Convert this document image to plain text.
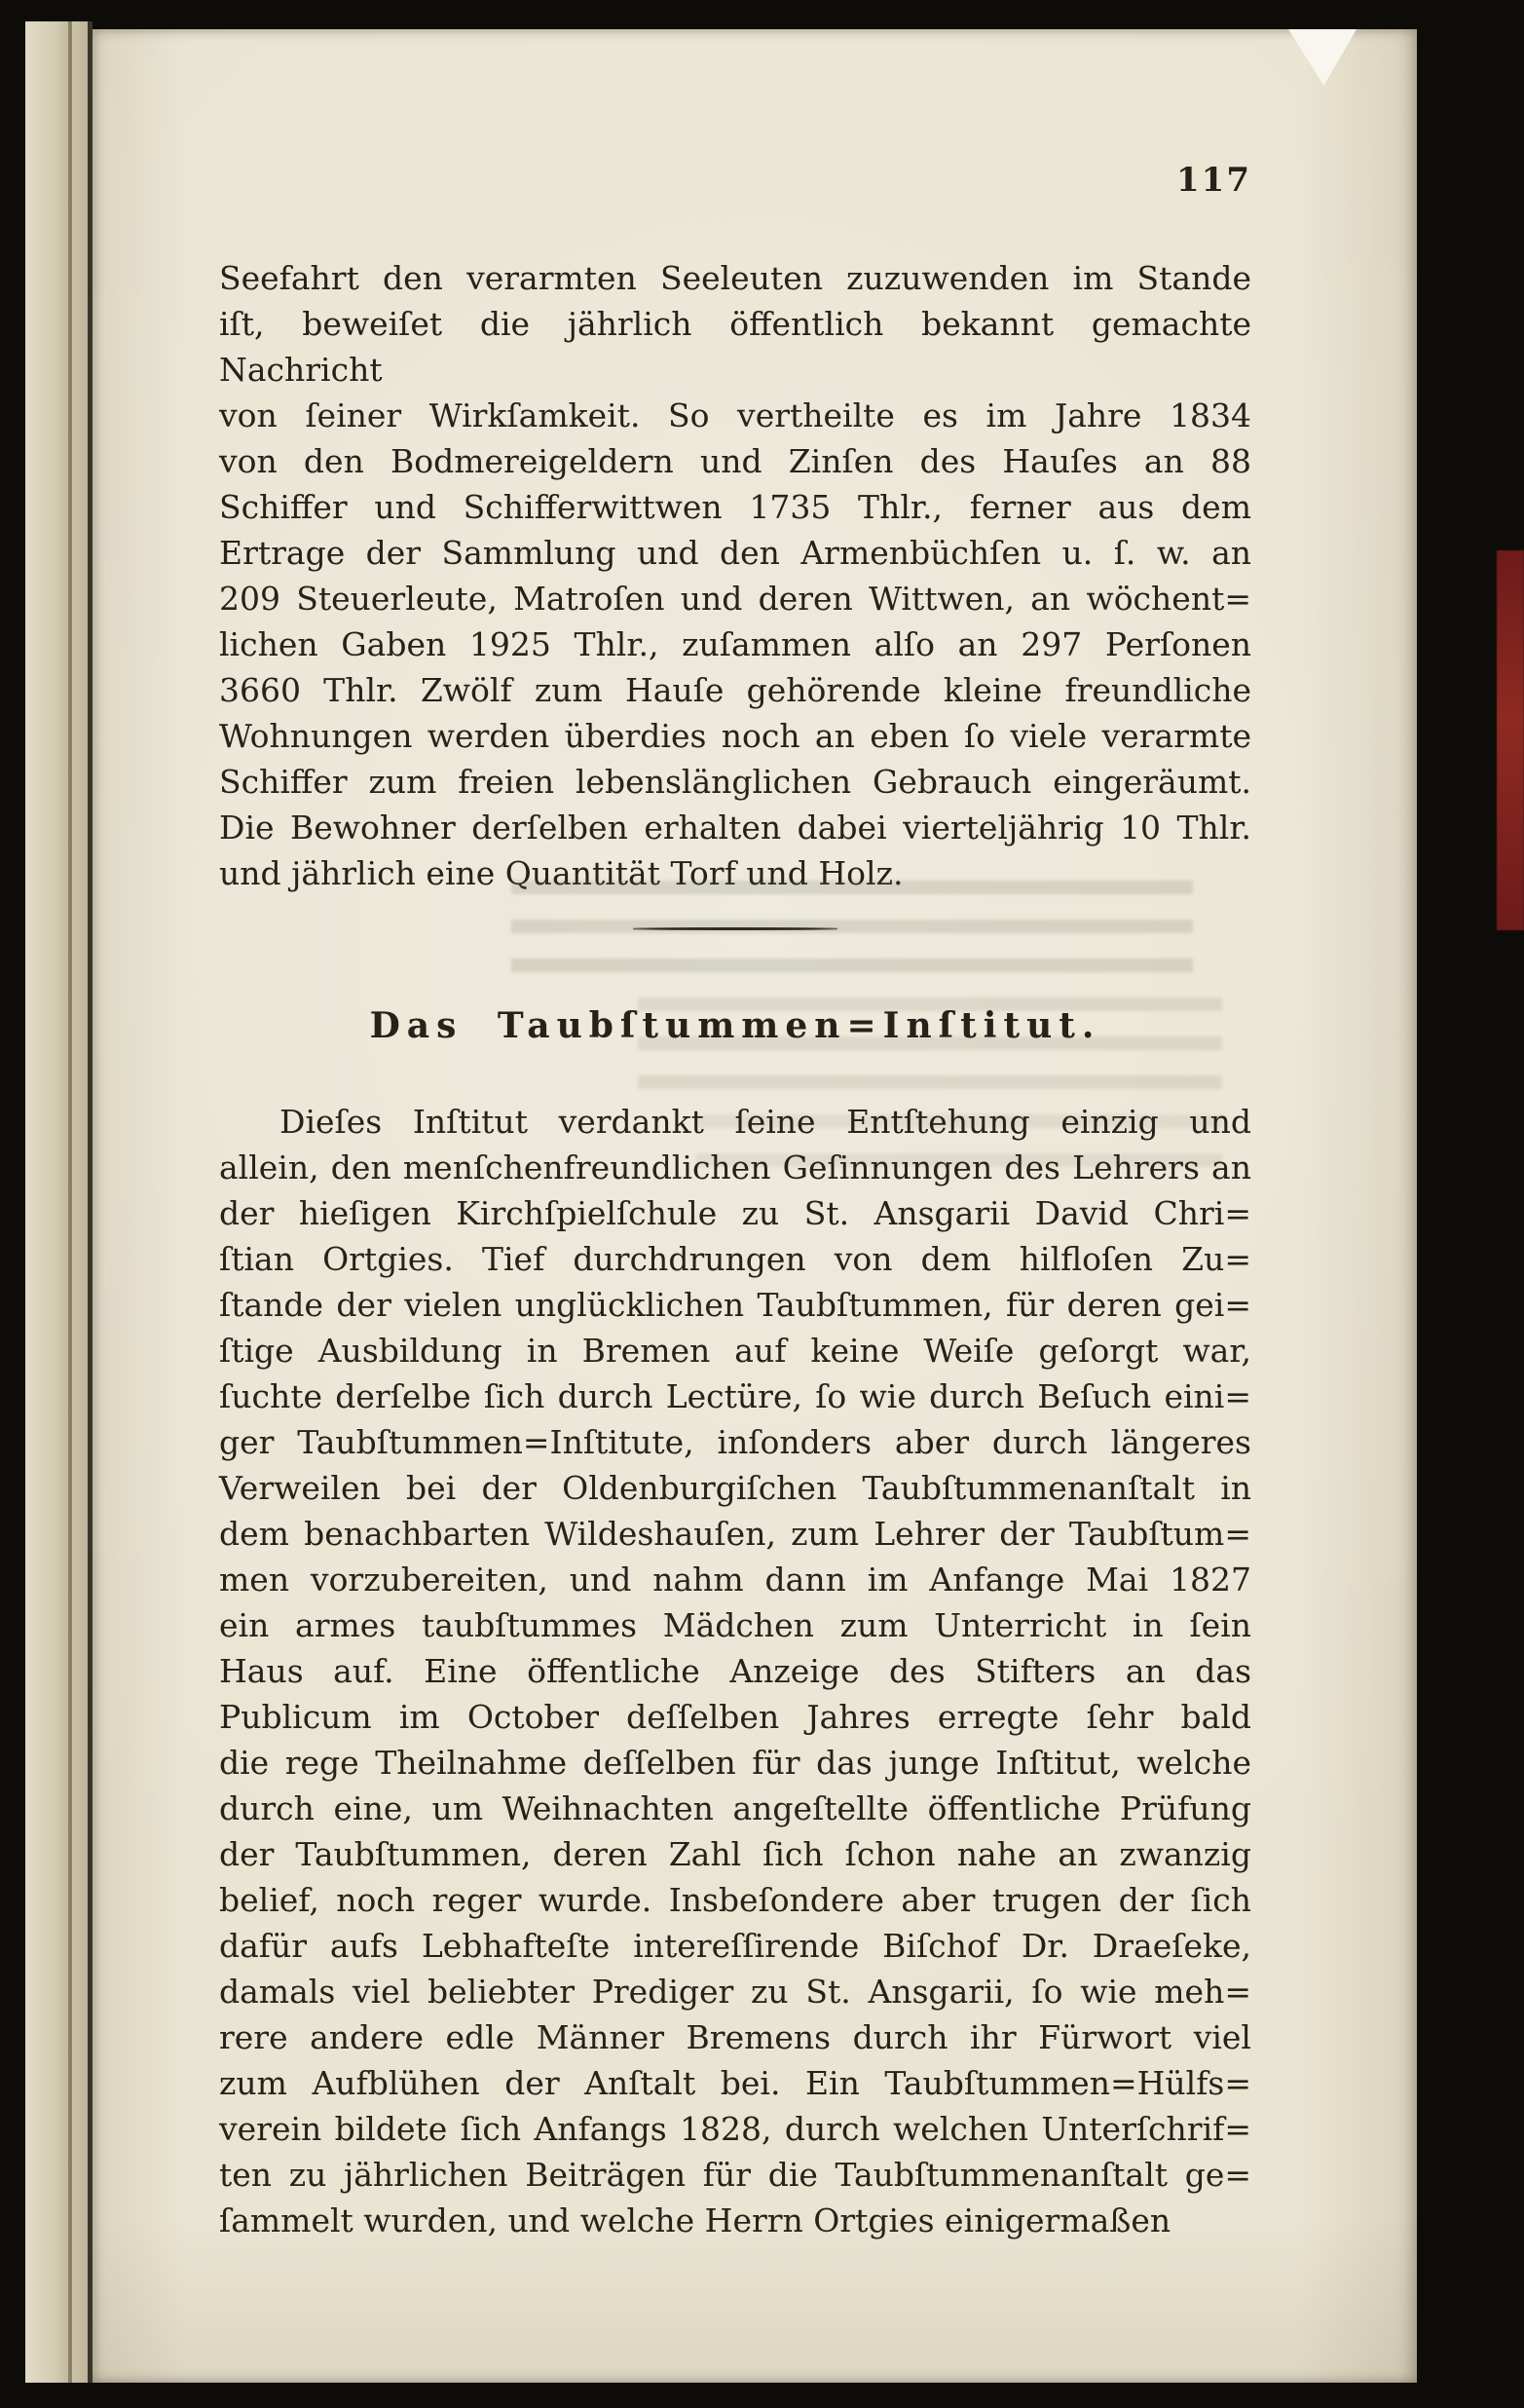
117
Seefahrt den verarmten Seeleuten zuzuwenden im Stande
iſt, beweiſet die jährlich öffentlich bekannt gemachte Nachricht
von ſeiner Wirkſamkeit. So vertheilte es im Jahre 1834
von den Bodmereigeldern und Zinſen des Hauſes an 88
Schiffer und Schifferwittwen 1735 Thlr., ferner aus dem
Ertrage der Sammlung und den Armenbüchſen u. ſ. w. an
209 Steuerleute, Matroſen und deren Wittwen, an wöchent=
lichen Gaben 1925 Thlr., zuſammen alſo an 297 Perſonen
3660 Thlr. Zwölf zum Hauſe gehörende kleine freundliche
Wohnungen werden überdies noch an eben ſo viele verarmte
Schiffer zum freien lebenslänglichen Gebrauch eingeräumt.
Die Bewohner derſelben erhalten dabei vierteljährig 10 Thlr.
und jährlich eine Quantität Torf und Holz.
Das Taubſtummen=Inſtitut.
Dieſes Inſtitut verdankt ſeine Entſtehung einzig und
allein, den menſchenfreundlichen Geſinnungen des Lehrers an
der hieſigen Kirchſpielſchule zu St. Ansgarii David Chri=
ſtian Ortgies. Tief durchdrungen von dem hilfloſen Zu=
ſtande der vielen unglücklichen Taubſtummen, für deren gei=
ſtige Ausbildung in Bremen auf keine Weiſe geſorgt war,
ſuchte derſelbe ſich durch Lectüre, ſo wie durch Beſuch eini=
ger Taubſtummen=Inſtitute, inſonders aber durch längeres
Verweilen bei der Oldenburgiſchen Taubſtummenanſtalt in
dem benachbarten Wildeshauſen, zum Lehrer der Taubſtum=
men vorzubereiten, und nahm dann im Anfange Mai 1827
ein armes taubſtummes Mädchen zum Unterricht in ſein
Haus auf. Eine öffentliche Anzeige des Stifters an das
Publicum im October deſſelben Jahres erregte ſehr bald
die rege Theilnahme deſſelben für das junge Inſtitut, welche
durch eine, um Weihnachten angeſtellte öffentliche Prüfung
der Taubſtummen, deren Zahl ſich ſchon nahe an zwanzig
belief, noch reger wurde. Insbeſondere aber trugen der ſich
dafür aufs Lebhafteſte intereſſirende Biſchof Dr. Draeſeke,
damals viel beliebter Prediger zu St. Ansgarii, ſo wie meh=
rere andere edle Männer Bremens durch ihr Fürwort viel
zum Aufblühen der Anſtalt bei. Ein Taubſtummen=Hülfs=
verein bildete ſich Anfangs 1828, durch welchen Unterſchrif=
ten zu jährlichen Beiträgen für die Taubſtummenanſtalt ge=
ſammelt wurden, und welche Herrn Ortgies einigermaßen
